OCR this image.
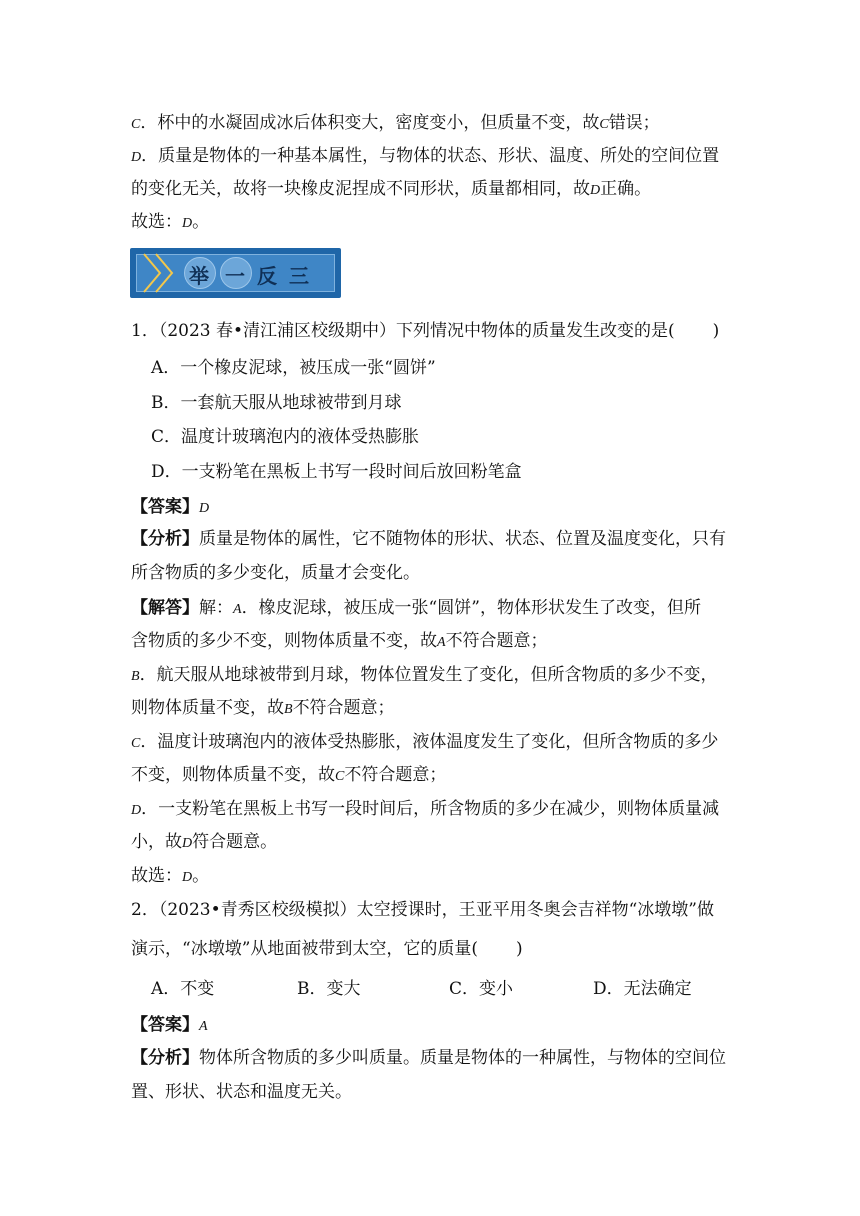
C．杯中的水凝固成冰后体积变大，密度变小，但质量不变，故C错误；
D．质量是物体的一种基本属性，与物体的状态、形状、温度、所处的空间位置
的变化无关，故将一块橡皮泥捏成不同形状，质量都相同，故D正确。
故选：D。
举 一 反 三
1．（2023 春•清江浦区校级期中）下列情况中物体的质量发生改变的是( )
A．一个橡皮泥球，被压成一张“圆饼”
B．一套航天服从地球被带到月球
C．温度计玻璃泡内的液体受热膨胀
D．一支粉笔在黑板上书写一段时间后放回粉笔盒
【答案】D
【分析】质量是物体的属性，它不随物体的形状、状态、位置及温度变化，只有
所含物质的多少变化，质量才会变化。
【解答】解：A．橡皮泥球，被压成一张“圆饼”，物体形状发生了改变，但所
含物质的多少不变，则物体质量不变，故A不符合题意；
B．航天服从地球被带到月球，物体位置发生了变化，但所含物质的多少不变，
则物体质量不变，故B不符合题意；
C．温度计玻璃泡内的液体受热膨胀，液体温度发生了变化，但所含物质的多少
不变，则物体质量不变，故C不符合题意；
D．一支粉笔在黑板上书写一段时间后，所含物质的多少在减少，则物体质量减
小，故D符合题意。
故选：D。
2．（2023•青秀区校级模拟）太空授课时，王亚平用冬奥会吉祥物“冰墩墩”做
演示，“冰墩墩”从地面被带到太空，它的质量( )
A．不变	B．变大	C．变小	D．无法确定
【答案】A
【分析】物体所含物质的多少叫质量。质量是物体的一种属性，与物体的空间位
置、形状、状态和温度无关。
